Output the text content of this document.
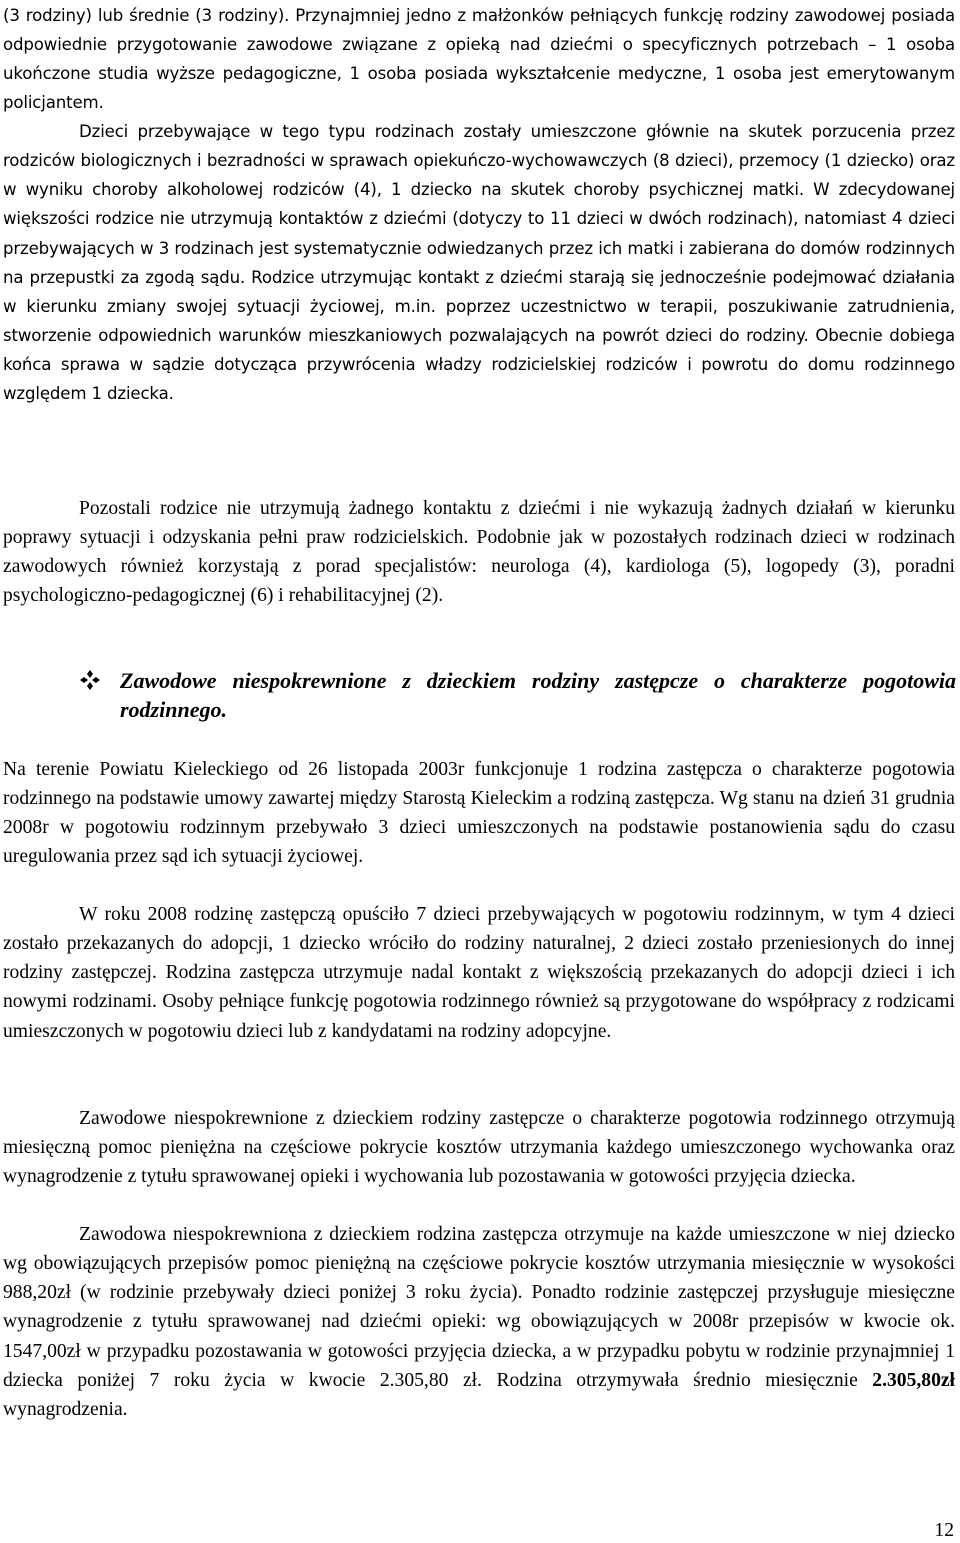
(3 rodziny) lub średnie (3 rodziny). Przynajmniej jedno z małżonków pełniących funkcję rodziny zawodowej posiada odpowiednie przygotowanie zawodowe związane z opieką nad dziećmi o specyficznych potrzebach – 1 osoba ukończone studia wyższe pedagogiczne, 1 osoba posiada wykształcenie medyczne, 1 osoba jest emerytowanym policjantem.

Dzieci przebywające w tego typu rodzinach zostały umieszczone głównie na skutek porzucenia przez rodziców biologicznych i bezradności w sprawach opiekuńczo-wychowawczych (8 dzieci), przemocy (1 dziecko) oraz w wyniku choroby alkoholowej rodziców (4), 1 dziecko na skutek choroby psychicznej matki. W zdecydowanej większości rodzice nie utrzymują kontaktów z dziećmi (dotyczy to 11 dzieci w dwóch rodzinach), natomiast 4 dzieci przebywających w 3 rodzinach jest systematycznie odwiedzanych przez ich matki i zabierana do domów rodzinnych na przepustki za zgodą sądu. Rodzice utrzymując kontakt z dziećmi starają się jednocześnie podejmować działania w kierunku zmiany swojej sytuacji życiowej, m.in. poprzez uczestnictwo w terapii, poszukiwanie zatrudnienia, stworzenie odpowiednich warunków mieszkaniowych pozwalających na powrót dzieci do rodziny. Obecnie dobiega końca sprawa w sądzie dotycząca przywrócenia władzy rodzicielskiej rodziców i powrotu do domu rodzinnego względem 1 dziecka.

Pozostali rodzice nie utrzymują żadnego kontaktu z dziećmi i nie wykazują żadnych działań w kierunku poprawy sytuacji i odzyskania pełni praw rodzicielskich. Podobnie jak w pozostałych rodzinach dzieci w rodzinach zawodowych również korzystają z porad specjalistów: neurologa (4), kardiologa (5), logopedy (3), poradni psychologiczno-pedagogicznej (6) i rehabilitacyjnej (2).

Zawodowe niespokrewnione z dzieckiem rodziny zastępcze o charakterze pogotowia rodzinnego.

Na terenie Powiatu Kieleckiego od 26 listopada 2003r funkcjonuje 1 rodzina zastępcza o charakterze pogotowia rodzinnego na podstawie umowy zawartej między Starostą Kieleckim a rodziną zastępcza. Wg stanu na dzień 31 grudnia 2008r w pogotowiu rodzinnym przebywało 3 dzieci umieszczonych na podstawie postanowienia sądu do czasu uregulowania przez sąd ich sytuacji życiowej.

W roku 2008 rodzinę zastępczą opuściło 7 dzieci przebywających w pogotowiu rodzinnym, w tym 4 dzieci zostało przekazanych do adopcji, 1 dziecko wróciło do rodziny naturalnej, 2 dzieci zostało przeniesionych do innej rodziny zastępczej. Rodzina zastępcza utrzymuje nadal kontakt z większością przekazanych do adopcji dzieci i ich nowymi rodzinami. Osoby pełniące funkcję pogotowia rodzinnego również są przygotowane do współpracy z rodzicami umieszczonych w pogotowiu dzieci lub z kandydatami na rodziny adopcyjne.

Zawodowe niespokrewnione z dzieckiem rodziny zastępcze o charakterze pogotowia rodzinnego otrzymują miesięczną pomoc pieniężna na częściowe pokrycie kosztów utrzymania każdego umieszczonego wychowanka oraz wynagrodzenie z tytułu sprawowanej opieki i wychowania lub pozostawania w gotowości przyjęcia dziecka.

Zawodowa niespokrewniona z dzieckiem rodzina zastępcza otrzymuje na każde umieszczone w niej dziecko wg obowiązujących przepisów pomoc pieniężną na częściowe pokrycie kosztów utrzymania miesięcznie w wysokości 988,20zł (w rodzinie przebywały dzieci poniżej 3 roku życia). Ponadto rodzinie zastępczej przysługuje miesięczne wynagrodzenie z tytułu sprawowanej nad dziećmi opieki: wg obowiązujących w 2008r przepisów w kwocie ok. 1547,00zł w przypadku pozostawania w gotowości przyjęcia dziecka, a w przypadku pobytu w rodzinie przynajmniej 1 dziecka poniżej 7 roku życia w kwocie 2.305,80 zł. Rodzina otrzymywała średnio miesięcznie 2.305,80zł wynagrodzenia.

12
